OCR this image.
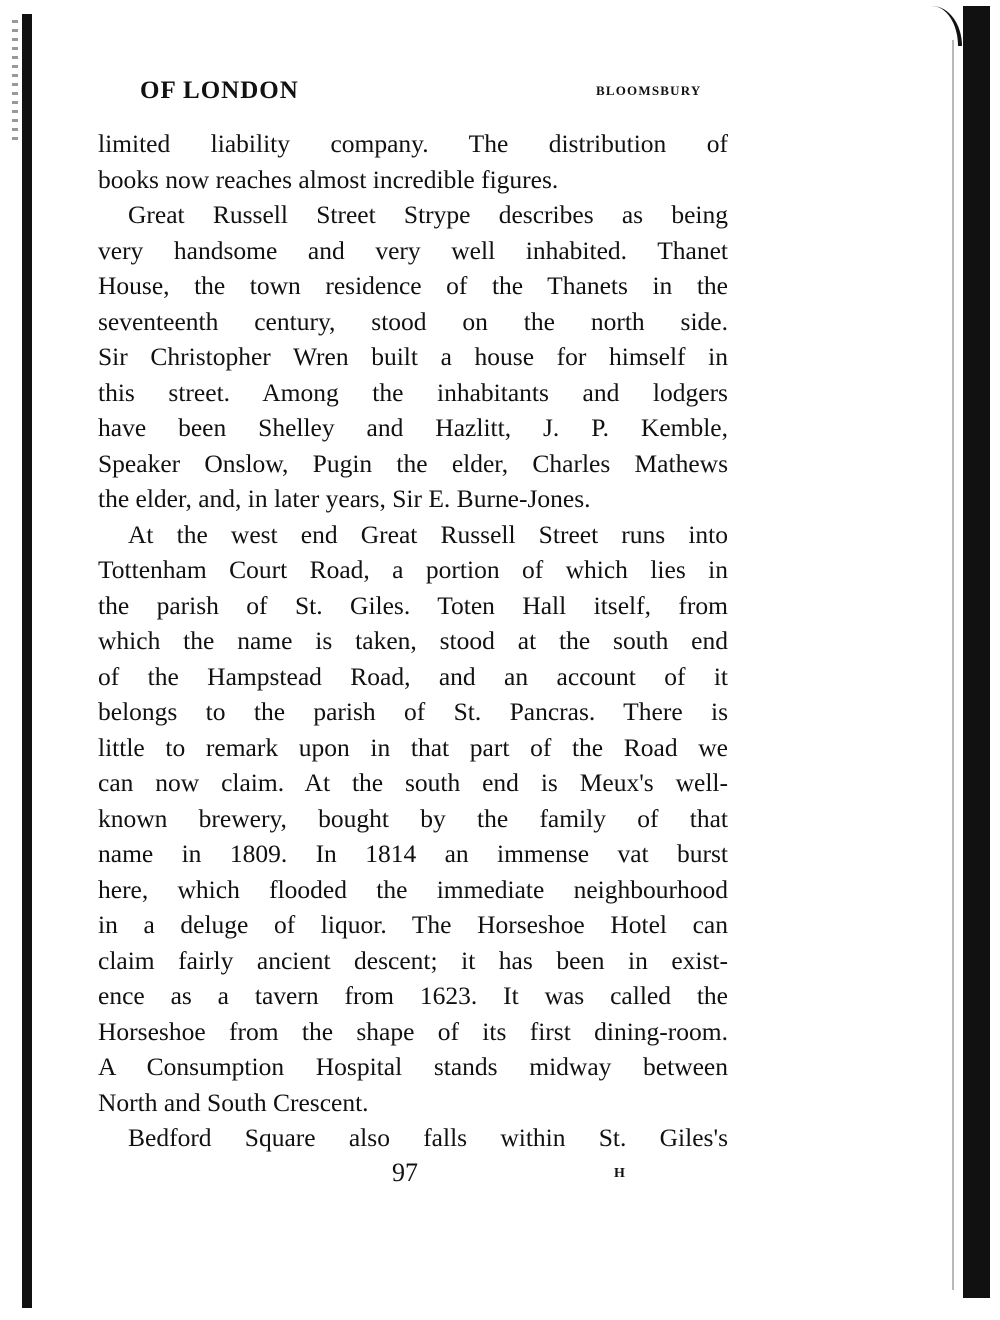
OF LONDON	BLOOMSBURY
limited liability company. The distribution of
books now reaches almost incredible figures.
Great Russell Street Strype describes as being
very handsome and very well inhabited. Thanet
House, the town residence of the Thanets in the
seventeenth century, stood on the north side.
Sir Christopher Wren built a house for himself in
this street. Among the inhabitants and lodgers
have been Shelley and Hazlitt, J. P. Kemble,
Speaker Onslow, Pugin the elder, Charles Mathews
the elder, and, in later years, Sir E. Burne-Jones.
At the west end Great Russell Street runs into
Tottenham Court Road, a portion of which lies in
the parish of St. Giles. Toten Hall itself, from
which the name is taken, stood at the south end
of the Hampstead Road, and an account of it
belongs to the parish of St. Pancras. There is
little to remark upon in that part of the Road we
can now claim. At the south end is Meux's well-
known brewery, bought by the family of that
name in 1809. In 1814 an immense vat burst
here, which flooded the immediate neighbourhood
in a deluge of liquor. The Horseshoe Hotel can
claim fairly ancient descent; it has been in exist-
ence as a tavern from 1623. It was called the
Horseshoe from the shape of its first dining-room.
A Consumption Hospital stands midway between
North and South Crescent.
Bedford Square also falls within St. Giles's
97	H
